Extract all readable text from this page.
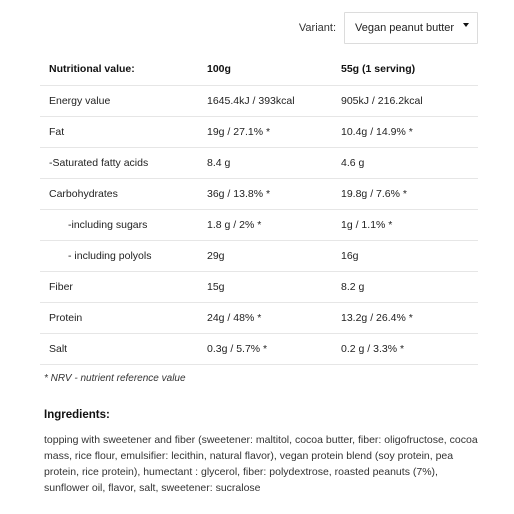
Variant: Vegan peanut butter
Nutritional value:	100g	55g (1 serving)
Energy value	1645.4kJ / 393kcal	905kJ / 216.2kcal
Fat	19g / 27.1% *	10.4g / 14.9% *
-Saturated fatty acids	8.4 g	4.6 g
Carbohydrates	36g / 13.8% *	19.8g / 7.6% *
-including sugars	1.8 g / 2% *	1g / 1.1% *
- including polyols	29g	16g
Fiber	15g	8.2 g
Protein	24g / 48% *	13.2g / 26.4% *
Salt	0.3g / 5.7% *	0.2 g / 3.3% *
* NRV - nutrient reference value
Ingredients:
topping with sweetener and fiber (sweetener: maltitol, cocoa butter, fiber: oligofructose, cocoa mass, rice flour, emulsifier: lecithin, natural flavor), vegan protein blend (soy protein, pea protein, rice protein), humectant : glycerol, fiber: polydextrose, roasted peanuts (7%), sunflower oil, flavor, salt, sweetener: sucralose
